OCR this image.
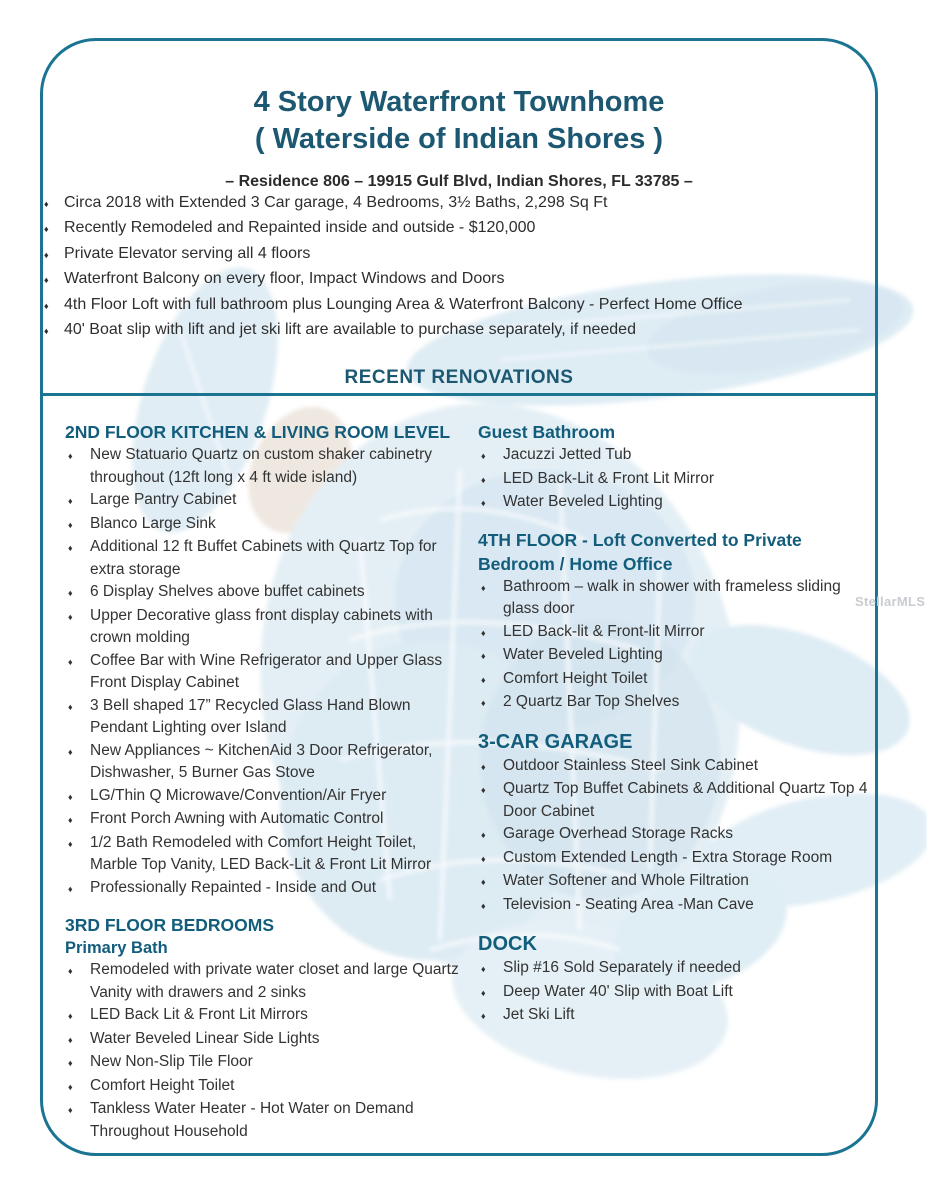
4 Story Waterfront Townhome
( Waterside of Indian Shores )
– Residence 806 – 19915 Gulf Blvd, Indian Shores, FL 33785 –
♦ Circa 2018 with Extended 3 Car garage, 4 Bedrooms, 3½ Baths, 2,298 Sq Ft
♦ Recently Remodeled and Repainted inside and outside - $120,000
♦ Private Elevator serving all 4 floors
♦ Waterfront Balcony on every floor, Impact Windows and Doors
♦ 4th Floor Loft with full bathroom plus Lounging Area & Waterfront Balcony - Perfect Home Office
♦ 40' Boat slip with lift and jet ski lift are available to purchase separately, if needed
RECENT RENOVATIONS
2ND FLOOR KITCHEN & LIVING ROOM LEVEL
♦	New Statuario Quartz on custom shaker cabinetry throughout (12ft long x 4 ft wide island)
♦	Large Pantry Cabinet
♦	Blanco Large Sink
♦	Additional 12 ft Buffet Cabinets with Quartz Top for extra storage
♦	6 Display Shelves above buffet cabinets
♦	Upper Decorative glass front display cabinets with crown molding
♦	Coffee Bar with Wine Refrigerator and Upper Glass Front Display Cabinet
♦	3 Bell shaped 17” Recycled Glass Hand Blown Pendant Lighting over Island
♦	New Appliances ~ KitchenAid 3 Door Refrigerator, Dishwasher, 5 Burner Gas Stove
♦	LG/Thin Q Microwave/Convention/Air Fryer
♦	Front Porch Awning with Automatic Control
♦	1/2 Bath Remodeled with Comfort Height Toilet, Marble Top Vanity, LED Back-Lit & Front Lit Mirror
♦	Professionally Repainted - Inside and Out
3RD FLOOR BEDROOMS
Primary Bath
♦	Remodeled with private water closet and large Quartz Vanity with drawers and 2 sinks
♦	LED Back Lit & Front Lit Mirrors
♦	Water Beveled Linear Side Lights
♦	New Non-Slip Tile Floor
♦	Comfort Height Toilet
♦	Tankless Water Heater - Hot Water on Demand Throughout Household
Guest Bathroom
♦	Jacuzzi Jetted Tub
♦	LED Back-Lit & Front Lit Mirror
♦	Water Beveled Lighting
4TH FLOOR - Loft Converted to Private Bedroom / Home Office
♦	Bathroom – walk in shower with frameless sliding glass door
♦	LED Back-lit & Front-lit Mirror
♦	Water Beveled Lighting
♦	Comfort Height Toilet
♦	2 Quartz Bar Top Shelves
3-CAR GARAGE
♦	Outdoor Stainless Steel Sink Cabinet
♦	Quartz Top Buffet Cabinets & Additional Quartz Top 4 Door Cabinet
♦	Garage Overhead Storage Racks
♦	Custom Extended Length - Extra Storage Room
♦	Water Softener and Whole Filtration
♦	Television - Seating Area -Man Cave
DOCK
♦	Slip #16 Sold Separately if needed
♦	Deep Water 40' Slip with Boat Lift
♦	Jet Ski Lift
StellarMLS
